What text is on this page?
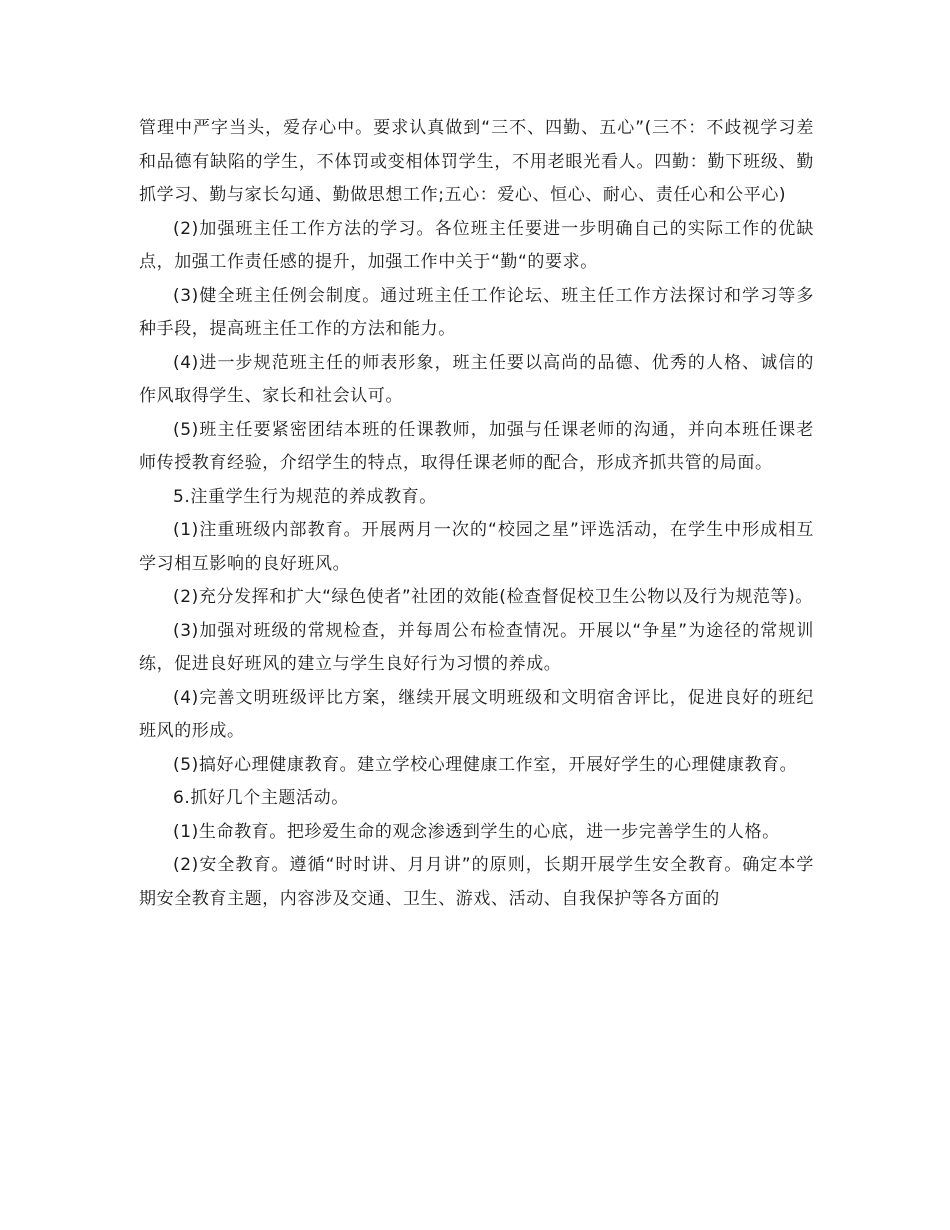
管理中严字当头，爱存心中。要求认真做到“三不、四勤、五心”(三不：不歧视学习差和品德有缺陷的学生，不体罚或变相体罚学生，不用老眼光看人。四勤：勤下班级、勤抓学习、勤与家长勾通、勤做思想工作;五心：爱心、恒心、耐心、责任心和公平心)

(2)加强班主任工作方法的学习。各位班主任要进一步明确自己的实际工作的优缺点，加强工作责任感的提升，加强工作中关于“勤“的要求。

(3)健全班主任例会制度。通过班主任工作论坛、班主任工作方法探讨和学习等多种手段，提高班主任工作的方法和能力。

(4)进一步规范班主任的师表形象，班主任要以高尚的品德、优秀的人格、诚信的作风取得学生、家长和社会认可。

(5)班主任要紧密团结本班的任课教师，加强与任课老师的沟通，并向本班任课老师传授教育经验，介绍学生的特点，取得任课老师的配合，形成齐抓共管的局面。

5.注重学生行为规范的养成教育。

(1)注重班级内部教育。开展两月一次的“校园之星”评选活动，在学生中形成相互学习相互影响的良好班风。

(2)充分发挥和扩大“绿色使者”社团的效能(检查督促校卫生公物以及行为规范等)。

(3)加强对班级的常规检查，并每周公布检查情况。开展以“争星”为途径的常规训练，促进良好班风的建立与学生良好行为习惯的养成。

(4)完善文明班级评比方案，继续开展文明班级和文明宿舍评比，促进良好的班纪班风的形成。

(5)搞好心理健康教育。建立学校心理健康工作室，开展好学生的心理健康教育。

6.抓好几个主题活动。

(1)生命教育。把珍爱生命的观念渗透到学生的心底，进一步完善学生的人格。

(2)安全教育。遵循“时时讲、月月讲”的原则，长期开展学生安全教育。确定本学期安全教育主题，内容涉及交通、卫生、游戏、活动、自我保护等各方面的
